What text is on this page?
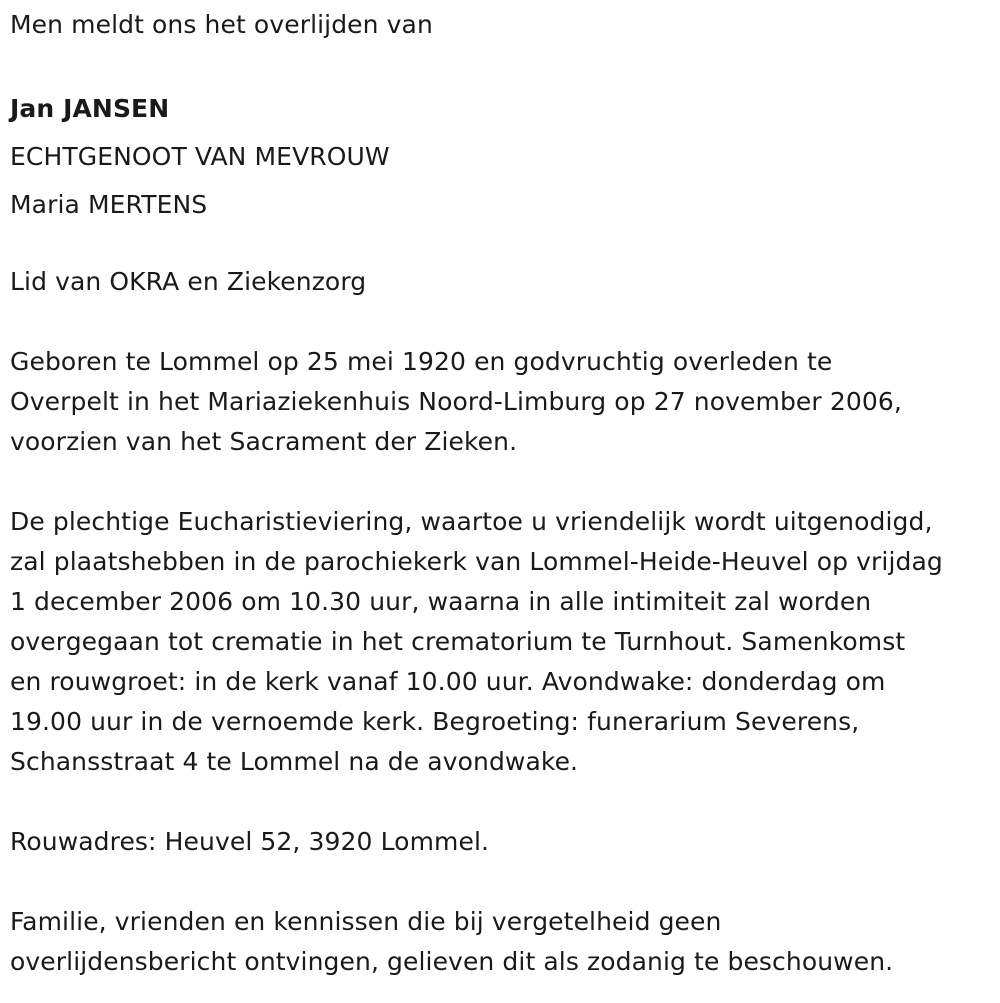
Men meldt ons het overlijden van

Jan JANSEN

ECHTGENOOT VAN MEVROUW

Maria MERTENS

Lid van OKRA en Ziekenzorg

Geboren te Lommel op 25 mei 1920 en godvruchtig overleden te

Overpelt in het Mariaziekenhuis Noord-Limburg op 27 november 2006,

voorzien van het Sacrament der Zieken.

De plechtige Eucharistieviering, waartoe u vriendelijk wordt uitgenodigd,

zal plaatshebben in de parochiekerk van Lommel-Heide-Heuvel op vrijdag

1 december 2006 om 10.30 uur, waarna in alle intimiteit zal worden

overgegaan tot crematie in het crematorium te Turnhout. Samenkomst

en rouwgroet: in de kerk vanaf 10.00 uur. Avondwake: donderdag om

19.00 uur in de vernoemde kerk. Begroeting: funerarium Severens,

Schansstraat 4 te Lommel na de avondwake.

Rouwadres: Heuvel 52, 3920 Lommel.

Familie, vrienden en kennissen die bij vergetelheid geen

overlijdensbericht ontvingen, gelieven dit als zodanig te beschouwen.
